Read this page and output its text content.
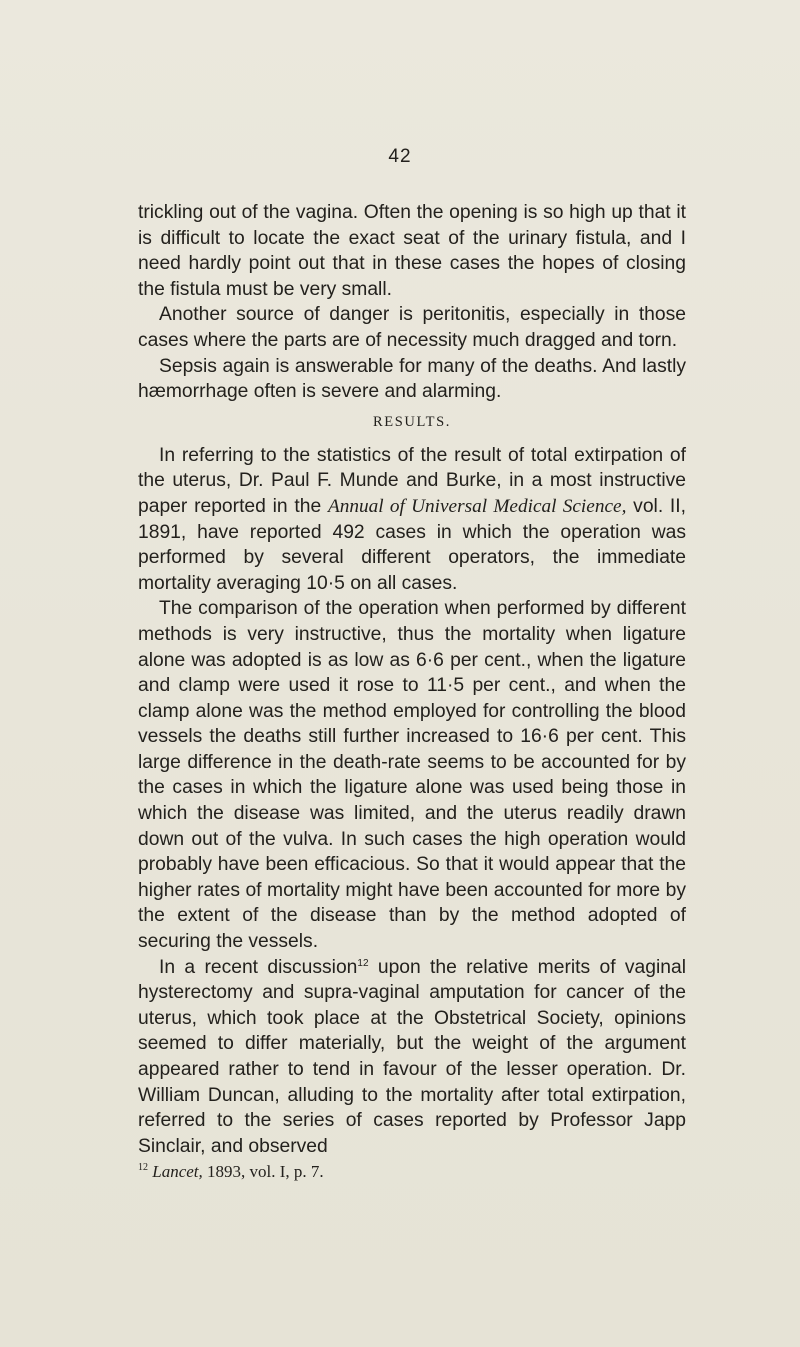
42

trickling out of the vagina. Often the opening is so high up that it is difficult to locate the exact seat of the urinary fistula, and I need hardly point out that in these cases the hopes of closing the fistula must be very small.

Another source of danger is peritonitis, especially in those cases where the parts are of necessity much dragged and torn.

Sepsis again is answerable for many of the deaths. And lastly hæmorrhage often is severe and alarming.

RESULTS.

In referring to the statistics of the result of total extirpation of the uterus, Dr. Paul F. Munde and Burke, in a most instructive paper reported in the Annual of Universal Medical Science, vol. II, 1891, have reported 492 cases in which the operation was performed by several different operators, the immediate mortality averaging 10·5 on all cases.

The comparison of the operation when performed by different methods is very instructive, thus the mortality when ligature alone was adopted is as low as 6·6 per cent., when the ligature and clamp were used it rose to 11·5 per cent., and when the clamp alone was the method employed for controlling the blood vessels the deaths still further increased to 16·6 per cent. This large difference in the death-rate seems to be accounted for by the cases in which the ligature alone was used being those in which the disease was limited, and the uterus readily drawn down out of the vulva. In such cases the high operation would probably have been efficacious. So that it would appear that the higher rates of mortality might have been accounted for more by the extent of the disease than by the method adopted of securing the vessels.

In a recent discussion$^{12}$ upon the relative merits of vaginal hysterectomy and supra-vaginal amputation for cancer of the uterus, which took place at the Obstetrical Society, opinions seemed to differ materially, but the weight of the argument appeared rather to tend in favour of the lesser operation. Dr. William Duncan, alluding to the mortality after total extirpation, referred to the series of cases reported by Professor Japp Sinclair, and observed

$^{12}$ Lancet, 1893, vol. I, p. 7.
